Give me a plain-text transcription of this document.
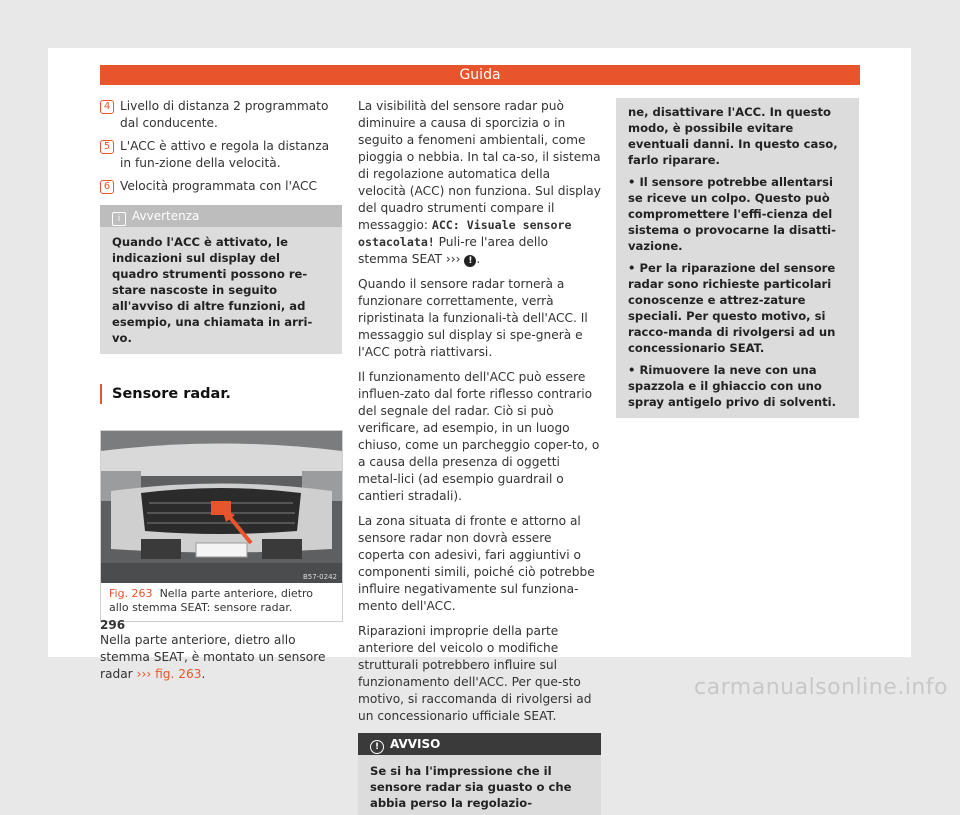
Guida
4 Livello di distanza 2 programmato dal conducente.
5 L'ACC è attivo e regola la distanza in fun-zione della velocità.
6 Velocità programmata con l'ACC
i Avvertenza
Quando l'ACC è attivato, le indicazioni sul display del quadro strumenti possono re-stare nascoste in seguito all'avviso di altre funzioni, ad esempio, una chiamata in arri-vo.
Sensore radar.
B57-0242
Fig. 263 Nella parte anteriore, dietro allo stemma SEAT: sensore radar.

Nella parte anteriore, dietro allo stemma SEAT, è montato un sensore radar ››› fig. 263.

La visibilità del sensore radar può diminuire a causa di sporcizia o in seguito a fenomeni ambientali, come pioggia o nebbia. In tal ca-so, il sistema di regolazione automatica della velocità (ACC) non funziona. Sul display del quadro strumenti compare il messaggio: ACC: Visuale sensore ostacolata! Puli-re l'area dello stemma SEAT ››› ! .

Quando il sensore radar tornerà a funzionare correttamente, verrà ripristinata la funzionali-tà dell'ACC. Il messaggio sul display si spe-gnerà e l'ACC potrà riattivarsi.

Il funzionamento dell'ACC può essere influen-zato dal forte riflesso contrario del segnale del radar. Ciò si può verificare, ad esempio, in un luogo chiuso, come un parcheggio coper-to, o a causa della presenza di oggetti metal-lici (ad esempio guardrail o cantieri stradali).

La zona situata di fronte e attorno al sensore radar non dovrà essere coperta con adesivi, fari aggiuntivi o componenti simili, poiché ciò potrebbe influire negativamente sul funziona-mento dell'ACC.

Riparazioni improprie della parte anteriore del veicolo o modifiche strutturali potrebbero influire sul funzionamento dell'ACC. Per que-sto motivo, si raccomanda di rivolgersi ad un concessionario ufficiale SEAT.

! AVVISO
Se si ha l'impressione che il sensore radar sia guasto o che abbia perso la regolazio-

ne, disattivare l'ACC. In questo modo, è possibile evitare eventuali danni. In questo caso, farlo riparare.

• Il sensore potrebbe allentarsi se riceve un colpo. Questo può compromettere l'effi-cienza del sistema o provocarne la disatti-vazione.

• Per la riparazione del sensore radar sono richieste particolari conoscenze e attrez-zature speciali. Per questo motivo, si racco-manda di rivolgersi ad un concessionario SEAT.

• Rimuovere la neve con una spazzola e il ghiaccio con uno spray antigelo privo di solventi.

296
carmanualsonline.info
